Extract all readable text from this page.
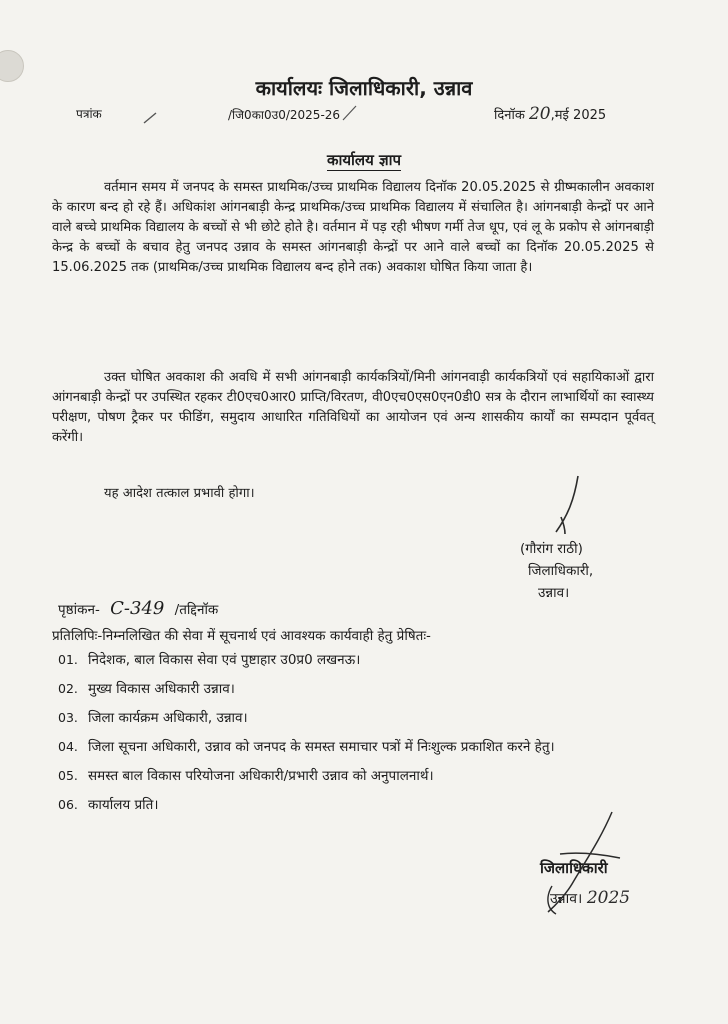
कार्यालयः जिलाधिकारी, उन्नाव
पत्रांक	/जि0का0उ0/2025-26	दिनॉक 20,मई 2025
कार्यालय ज्ञाप

वर्तमान समय में जनपद के समस्त प्राथमिक/उच्च प्राथमिक विद्यालय दिनॉक 20.05.2025 से ग्रीष्मकालीन अवकाश के कारण बन्द हो रहे हैं। अधिकांश आंगनबाड़ी केन्द्र प्राथमिक/उच्च प्राथमिक विद्यालय में संचालित है। आंगनबाड़ी केन्द्रों पर आने वाले बच्चे प्राथमिक विद्यालय के बच्चों से भी छोटे होते है। वर्तमान में पड़ रही भीषण गर्मी तेज धूप, एवं लू के प्रकोप से आंगनबाड़ी केन्द्र के बच्चों के बचाव हेतु जनपद उन्नाव के समस्त आंगनबाड़ी केन्द्रों पर आने वाले बच्चों का दिनॉक 20.05.2025 से 15.06.2025 तक (प्राथमिक/उच्च प्राथमिक विद्यालय बन्द होने तक) अवकाश घोषित किया जाता है।

उक्त घोषित अवकाश की अवधि में सभी आंगनबाड़ी कार्यकत्रियों/मिनी आंगनवाड़ी कार्यकत्रियों एवं सहायिकाओं द्वारा आंगनबाड़ी केन्द्रों पर उपस्थित रहकर टी0एच0आर0 प्राप्ति/विरतण, वी0एच0एस0एन0डी0 सत्र के दौरान लाभार्थियों का स्वास्थ्य परीक्षण, पोषण ट्रैकर पर फीडिंग, समुदाय आधारित गतिविधियों का आयोजन एवं अन्य शासकीय कार्यों का सम्पदान पूर्ववत् करेंगी।

यह आदेश तत्काल प्रभावी होगा।

(गौरांग राठी)
जिलाधिकारी,
उन्नाव।
पृष्ठांकन- C-349 /तद्दिनॉक
प्रतिलिपिः-निम्नलिखित की सेवा में सूचनार्थ एवं आवश्यक कार्यवाही हेतु प्रेषितः-
01. निदेशक, बाल विकास सेवा एवं पुष्टाहार उ0प्र0 लखनऊ।
02. मुख्य विकास अधिकारी उन्नाव।
03. जिला कार्यक्रम अधिकारी, उन्नाव।
04. जिला सूचना अधिकारी, उन्नाव को जनपद के समस्त समाचार पत्रों में निःशुल्क प्रकाशित करने हेतु।
05. समस्त बाल विकास परियोजना अधिकारी/प्रभारी उन्नाव को अनुपालनार्थ।
06. कार्यालय प्रति।
जिलाधिकारी
उन्नाव। 2025
